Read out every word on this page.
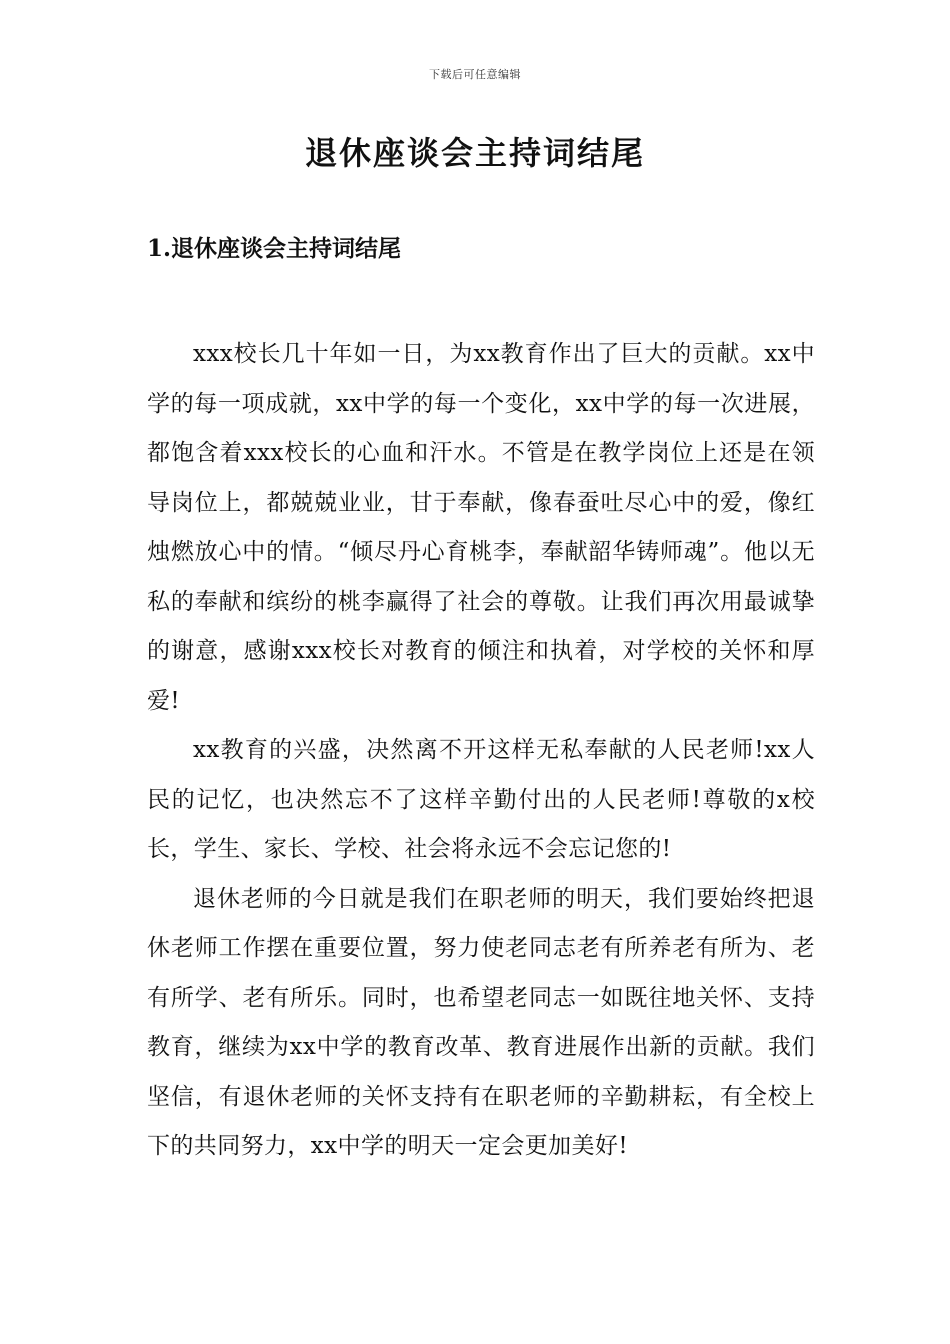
下载后可任意编辑
退休座谈会主持词结尾
1.退休座谈会主持词结尾

xxx校长几十年如一日，为xx教育作出了巨大的贡献。xx中学的每一项成就，xx中学的每一个变化，xx中学的每一次进展，都饱含着xxx校长的心血和汗水。不管是在教学岗位上还是在领导岗位上，都兢兢业业，甘于奉献，像春蚕吐尽心中的爱，像红烛燃放心中的情。“倾尽丹心育桃李，奉献韶华铸师魂”。他以无私的奉献和缤纷的桃李赢得了社会的尊敬。让我们再次用最诚挚的谢意，感谢xxx校长对教育的倾注和执着，对学校的关怀和厚爱!

xx教育的兴盛，决然离不开这样无私奉献的人民老师!xx人民的记忆，也决然忘不了这样辛勤付出的人民老师!尊敬的x校长，学生、家长、学校、社会将永远不会忘记您的!

退休老师的今日就是我们在职老师的明天，我们要始终把退休老师工作摆在重要位置，努力使老同志老有所养老有所为、老有所学、老有所乐。同时，也希望老同志一如既往地关怀、支持教育，继续为xx中学的教育改革、教育进展作出新的贡献。我们坚信，有退休老师的关怀支持有在职老师的辛勤耕耘，有全校上下的共同努力，xx中学的明天一定会更加美好!
